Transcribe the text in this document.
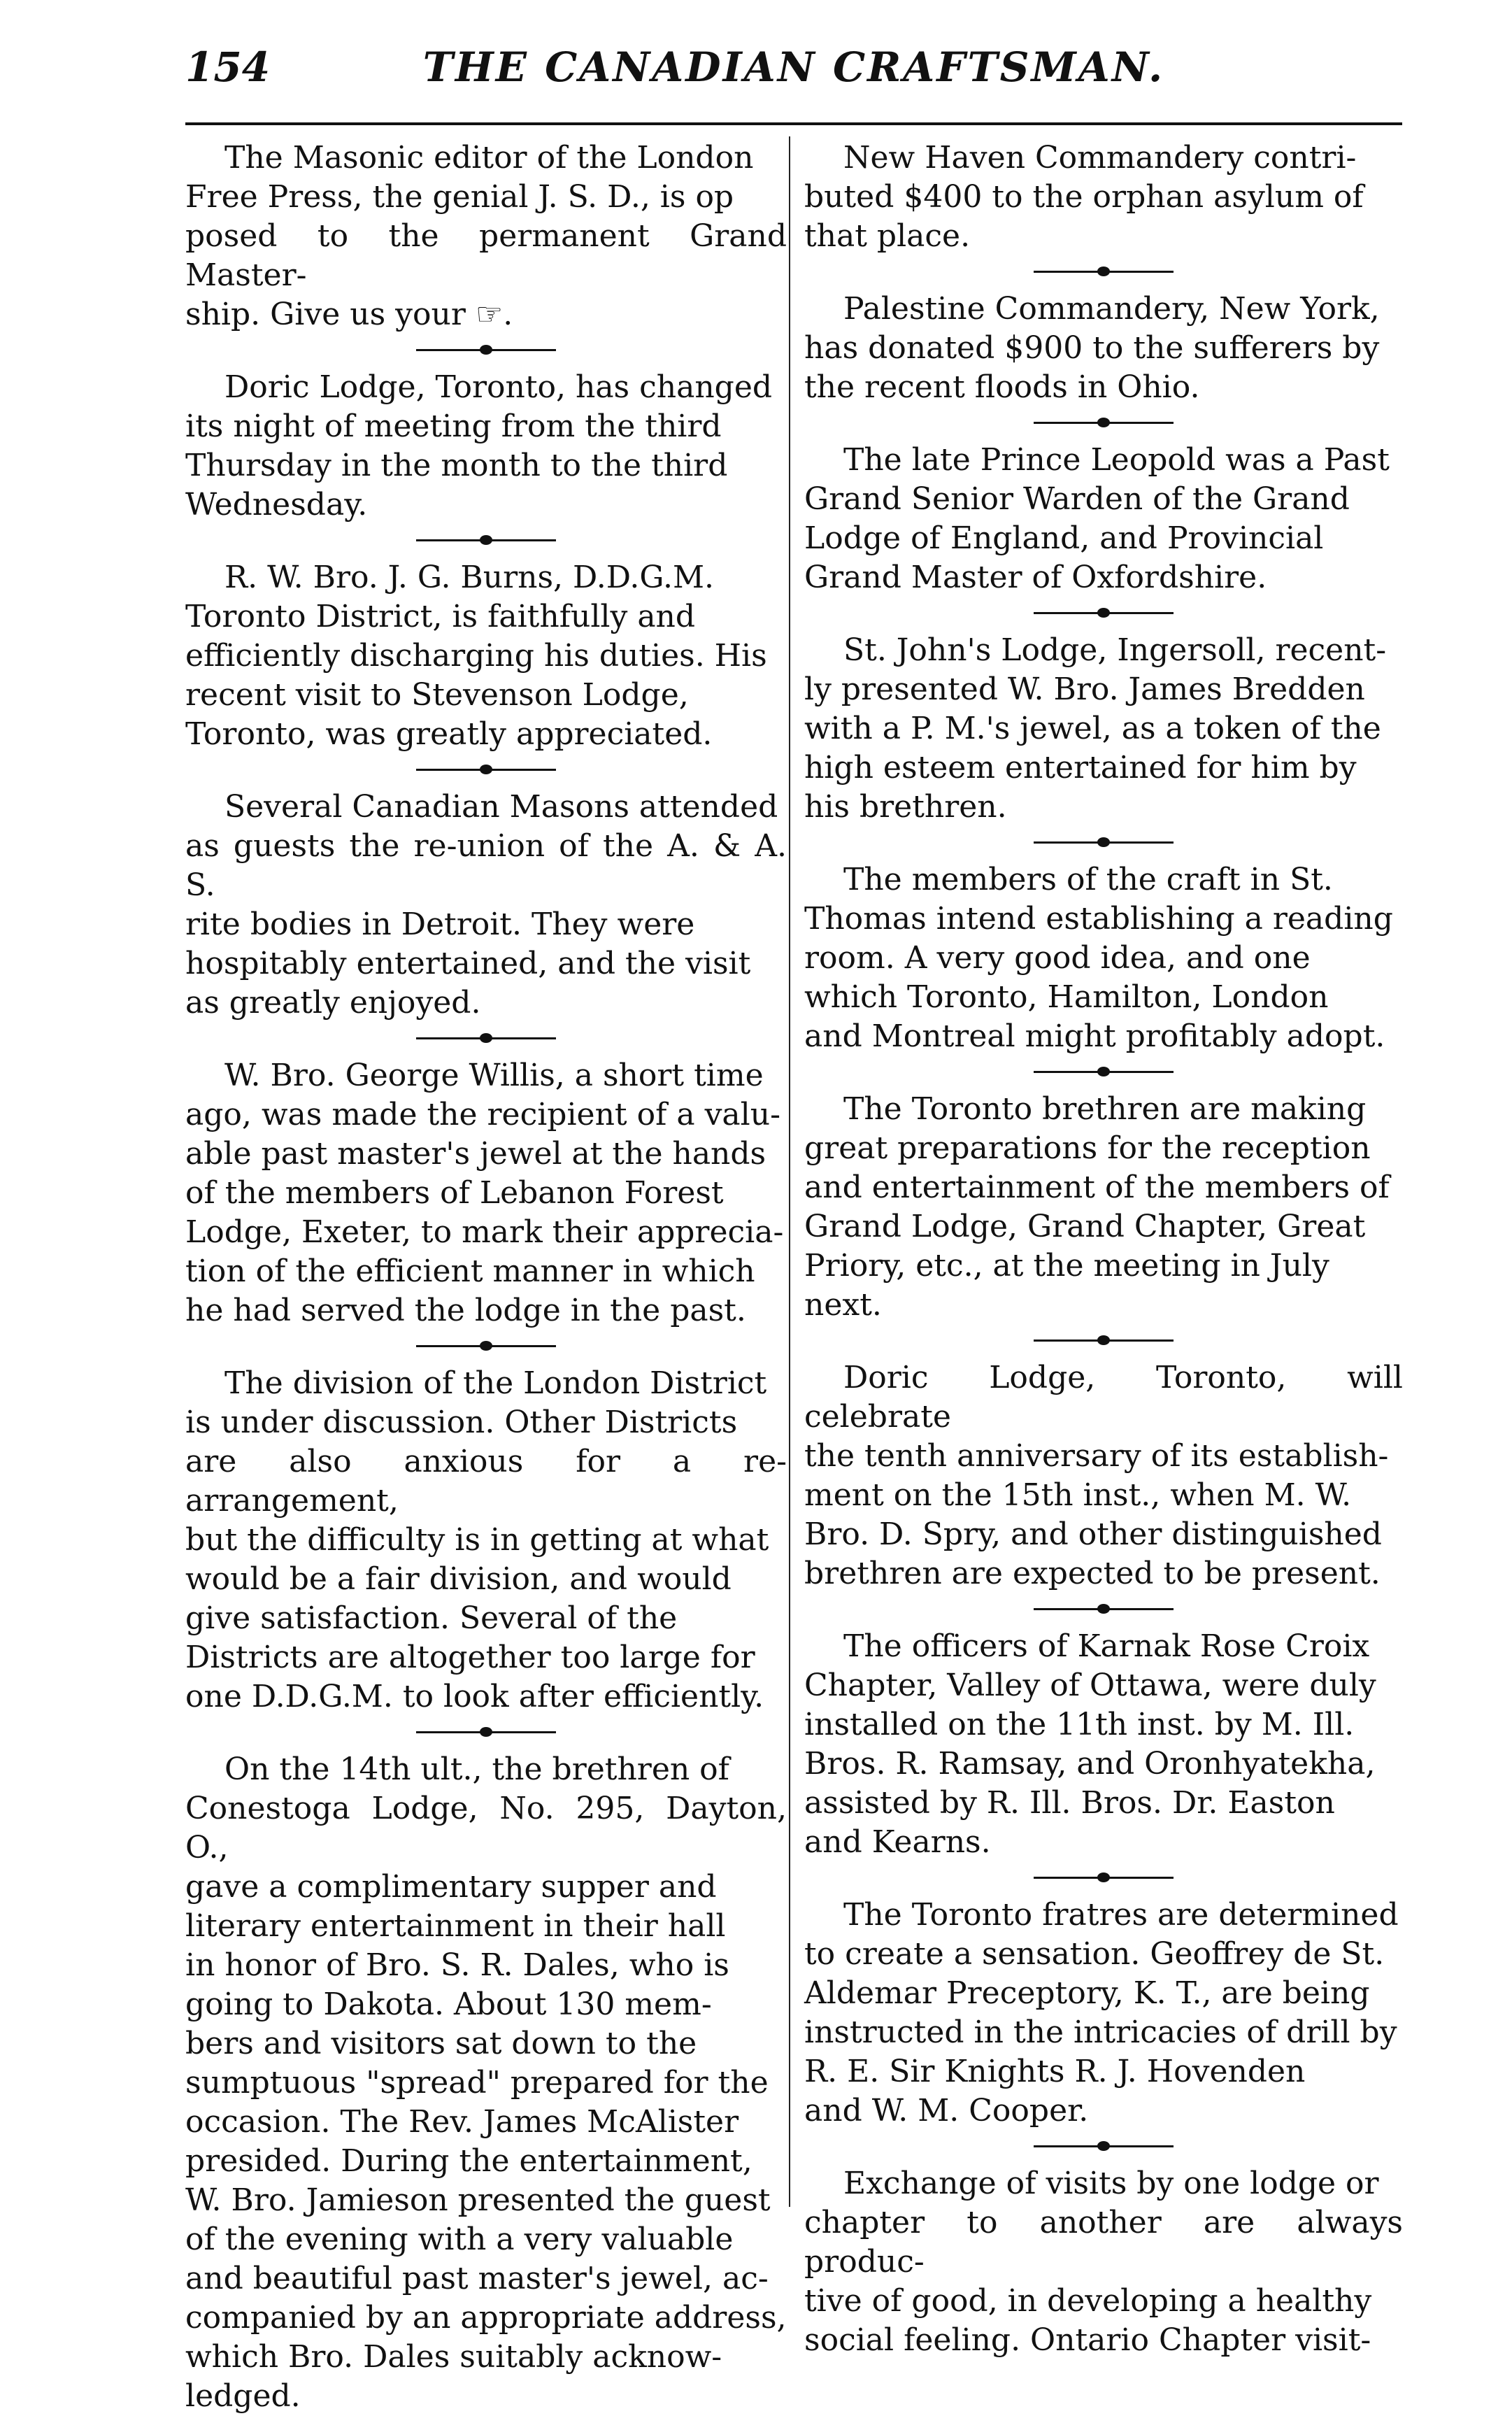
154	THE CANADIAN CRAFTSMAN.

The Masonic editor of the London
Free Press, the genial J. S. D., is op
posed to the permanent Grand Master-
ship. Give us your ☞.

Doric Lodge, Toronto, has changed
its night of meeting from the third
Thursday in the month to the third
Wednesday.

R. W. Bro. J. G. Burns, D.D.G.M.
Toronto District, is faithfully and
efficiently discharging his duties. His
recent visit to Stevenson Lodge,
Toronto, was greatly appreciated.

Several Canadian Masons attended
as guests the re-union of the A. & A. S.
rite bodies in Detroit. They were
hospitably entertained, and the visit
as greatly enjoyed.

W. Bro. George Willis, a short time
ago, was made the recipient of a valu-
able past master's jewel at the hands
of the members of Lebanon Forest
Lodge, Exeter, to mark their apprecia-
tion of the efficient manner in which
he had served the lodge in the past.

The division of the London District
is under discussion. Other Districts
are also anxious for a re-arrangement,
but the difficulty is in getting at what
would be a fair division, and would
give satisfaction. Several of the
Districts are altogether too large for
one D.D.G.M. to look after efficiently.

On the 14th ult., the brethren of
Conestoga Lodge, No. 295, Dayton, O.,
gave a complimentary supper and
literary entertainment in their hall
in honor of Bro. S. R. Dales, who is
going to Dakota. About 130 mem-
bers and visitors sat down to the
sumptuous "spread" prepared for the
occasion. The Rev. James McAlister
presided. During the entertainment,
W. Bro. Jamieson presented the guest
of the evening with a very valuable
and beautiful past master's jewel, ac-
companied by an appropriate address,
which Bro. Dales suitably acknow-
ledged.

New Haven Commandery contri-
buted $400 to the orphan asylum of
that place.

Palestine Commandery, New York,
has donated $900 to the sufferers by
the recent floods in Ohio.

The late Prince Leopold was a Past
Grand Senior Warden of the Grand
Lodge of England, and Provincial
Grand Master of Oxfordshire.

St. John's Lodge, Ingersoll, recent-
ly presented W. Bro. James Bredden
with a P. M.'s jewel, as a token of the
high esteem entertained for him by
his brethren.

The members of the craft in St.
Thomas intend establishing a reading
room. A very good idea, and one
which Toronto, Hamilton, London
and Montreal might profitably adopt.

The Toronto brethren are making
great preparations for the reception
and entertainment of the members of
Grand Lodge, Grand Chapter, Great
Priory, etc., at the meeting in July
next.

Doric Lodge, Toronto, will celebrate
the tenth anniversary of its establish-
ment on the 15th inst., when M. W.
Bro. D. Spry, and other distinguished
brethren are expected to be present.

The officers of Karnak Rose Croix
Chapter, Valley of Ottawa, were duly
installed on the 11th inst. by M. Ill.
Bros. R. Ramsay, and Oronhyatekha,
assisted by R. Ill. Bros. Dr. Easton
and Kearns.

The Toronto fratres are determined
to create a sensation. Geoffrey de St.
Aldemar Preceptory, K. T., are being
instructed in the intricacies of drill by
R. E. Sir Knights R. J. Hovenden
and W. M. Cooper.

Exchange of visits by one lodge or
chapter to another are always produc-
tive of good, in developing a healthy
social feeling. Ontario Chapter visit-
